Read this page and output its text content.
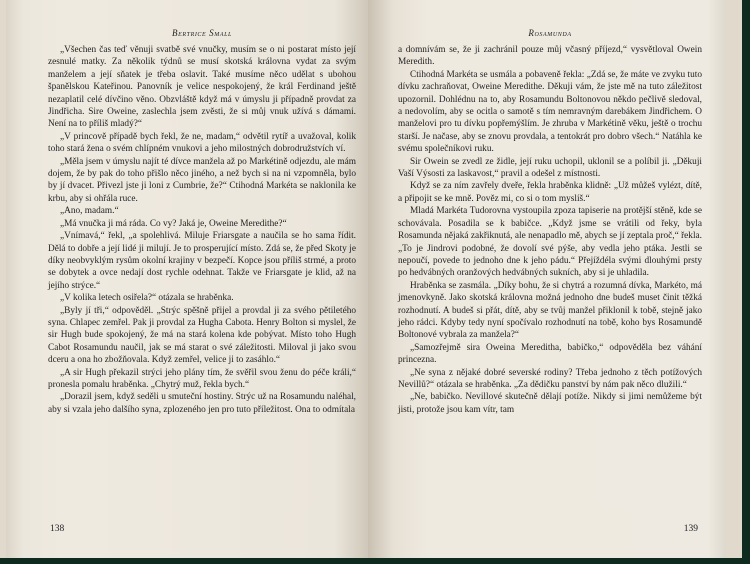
Bertrice Small

„Všechen čas teď věnuji svatbě své vnučky, musím se o ni postarat místo její zesnulé matky. Za několik týdnů se musí skotská královna vydat za svým manželem a její sňatek je třeba oslavit. Také musíme něco udělat s ubohou španělskou Kateřinou. Panovník je velice nespokojený, že král Ferdinand ještě nezaplatil celé dívčino věno. Obzvláště když má v úmyslu ji případně provdat za Jindřicha. Sire Oweine, zaslechla jsem zvěsti, že si můj vnuk užívá s dámami. Není na to příliš mladý?“

„V princově případě bych řekl, že ne, madam,“ odvětil rytíř a uvažoval, kolik toho stará žena o svém chlípném vnukovi a jeho milostných dobrodružstvích ví.

„Měla jsem v úmyslu najít té dívce manžela až po Markétině odjezdu, ale mám dojem, že by pak do toho přišlo něco jiného, a než bych si na ni vzpomněla, bylo by jí dvacet. Přivezl jste ji loni z Cumbrie, že?“ Ctihodná Markéta se naklonila ke krbu, aby si ohřála ruce.

„Ano, madam.“

„Má vnučka ji má ráda. Co vy? Jaká je, Oweine Meredithe?“

„Vnímavá,“ řekl, „a spolehlivá. Miluje Friarsgate a naučila se ho sama řídit. Dělá to dobře a její lidé ji milují. Je to prosperující místo. Zdá se, že před Skoty je díky neobvyklým rysům okolní krajiny v bezpečí. Kopce jsou příliš strmé, a proto se dobytek a ovce nedají dost rychle odehnat. Takže ve Friarsgate je klid, až na jejího strýce.“

„V kolika letech osiřela?“ otázala se hraběnka.

„Byly jí tři,“ odpověděl. „Strýc spěšně přijel a provdal ji za svého pětiletého syna. Chlapec zemřel. Pak ji provdal za Hugha Cabota. Henry Bolton si myslel, že sir Hugh bude spokojený, že má na stará kolena kde pobývat. Místo toho Hugh Cabot Rosamundu naučil, jak se má starat o své záležitosti. Miloval ji jako svou dceru a ona ho zbožňovala. Když zemřel, velice ji to zasáhlo.“

„A sir Hugh překazil strýci jeho plány tím, že svěřil svou ženu do péče králi,“ pronesla pomalu hraběnka. „Chytrý muž, řekla bych.“

„Dorazil jsem, když seděli u smuteční hostiny. Strýc už na Rosamundu naléhal, aby si vzala jeho dalšího syna, zplozeného jen pro tuto příležitost. Ona to odmítala

138
Rosamunda

a domnívám se, že ji zachránil pouze můj včasný příjezd,“ vysvětloval Owein Meredith.

Ctihodná Markéta se usmála a pobaveně řekla: „Zdá se, že máte ve zvyku tuto dívku zachraňovat, Oweine Meredithe. Děkuji vám, že jste mě na tuto záležitost upozornil. Dohlédnu na to, aby Rosamundu Boltonovou někdo pečlivě sledoval, a nedovolím, aby se ocitla o samotě s tím nemravným darebákem Jindřichem. O manželovi pro tu dívku popřemýšlím. Je zhruba v Markétině věku, ještě o trochu starší. Je načase, aby se znovu provdala, a tentokrát pro dobro všech.“ Natáhla ke svému společníkovi ruku.

Sir Owein se zvedl ze židle, její ruku uchopil, uklonil se a políbil ji. „Děkuji Vaší Výsosti za laskavost,“ pravil a odešel z místnosti.

Když se za ním zavřely dveře, řekla hraběnka klidně: „Už můžeš vylézt, dítě, a připojit se ke mně. Pověz mi, co si o tom myslíš.“

Mladá Markéta Tudorovna vystoupila zpoza tapiserie na protější stěně, kde se schovávala. Posadila se k babičce. „Když jsme se vrátili od řeky, byla Rosamunda nějaká zakřiknutá, ale nenapadlo mě, abych se jí zeptala proč,“ řekla. „To je Jindrovi podobné, že dovolí své pýše, aby vedla jeho ptáka. Jestli se nepoučí, povede to jednoho dne k jeho pádu.“ Přejíždéla svými dlouhými prsty po hedvábných oranžových hedvábných sukních, aby si je uhladila.

Hraběnka se zasmála. „Díky bohu, že si chytrá a rozumná dívka, Markéto, má jmenovkyně. Jako skotská královna možná jednoho dne budeš muset činit těžká rozhodnutí. A budeš si přát, dítě, aby se tvůj manžel přiklonil k tobě, stejně jako jeho rádci. Kdyby tedy nyní spočívalo rozhodnutí na tobě, koho bys Rosamundě Boltonové vybrala za manžela?“

„Samozřejmě sira Oweina Mereditha, babičko,“ odpověděla bez váhání princezna.

„Ne syna z nějaké dobré severské rodiny? Třeba jednoho z těch potížových Nevillů?“ otázala se hraběnka. „Za dědičku panství by nám pak něco dlužili.“

„Ne, babičko. Nevillové skutečně dělají potíže. Nikdy si jimi nemůžeme být jisti, protože jsou kam vítr, tam

139
